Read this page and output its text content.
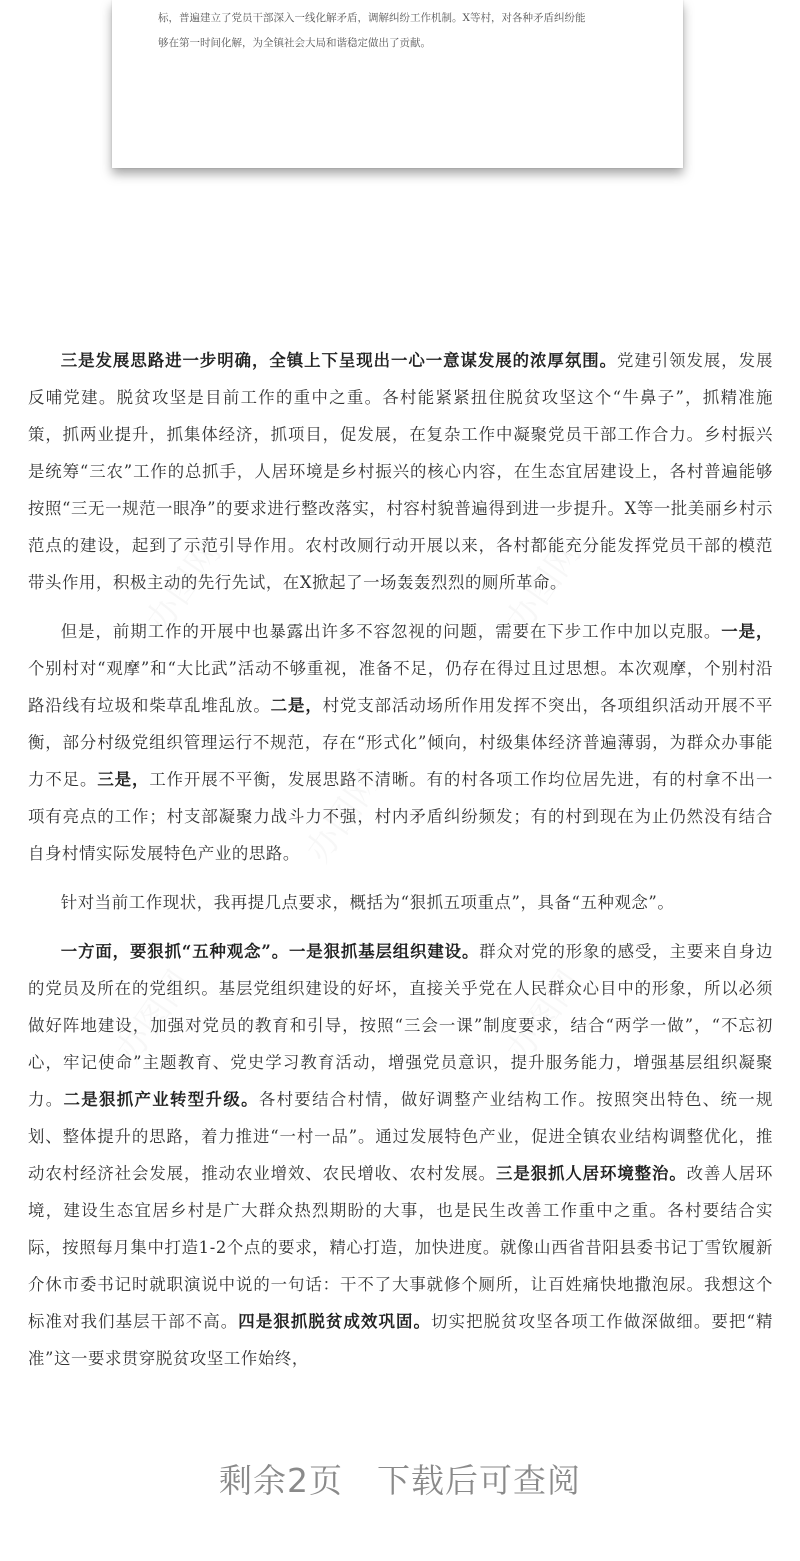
标，普遍建立了党员干部深入一线化解矛盾，调解纠纷工作机制。X等村，对各种矛盾纠纷能
够在第一时间化解，为全镇社会大局和谐稳定做出了贡献。
办图网	办图网
办图网
办图网	办图网

三是发展思路进一步明确，全镇上下呈现出一心一意谋发展的浓厚氛围。党建引领发展，发展反哺党建。脱贫攻坚是目前工作的重中之重。各村能紧紧扭住脱贫攻坚这个“牛鼻子”，抓精准施策，抓两业提升，抓集体经济，抓项目，促发展，在复杂工作中凝聚党员干部工作合力。乡村振兴是统筹“三农”工作的总抓手，人居环境是乡村振兴的核心内容，在生态宜居建设上，各村普遍能够按照“三无一规范一眼净”的要求进行整改落实，村容村貌普遍得到进一步提升。X等一批美丽乡村示范点的建设，起到了示范引导作用。农村改厕行动开展以来，各村都能充分能发挥党员干部的模范带头作用，积极主动的先行先试，在X掀起了一场轰轰烈烈的厕所革命。

但是，前期工作的开展中也暴露出许多不容忽视的问题，需要在下步工作中加以克服。一是，个别村对“观摩”和“大比武”活动不够重视，准备不足，仍存在得过且过思想。本次观摩，个别村沿路沿线有垃圾和柴草乱堆乱放。二是，村党支部活动场所作用发挥不突出，各项组织活动开展不平衡，部分村级党组织管理运行不规范，存在“形式化”倾向，村级集体经济普遍薄弱，为群众办事能力不足。三是，工作开展不平衡，发展思路不清晰。有的村各项工作均位居先进，有的村拿不出一项有亮点的工作；村支部凝聚力战斗力不强，村内矛盾纠纷频发；有的村到现在为止仍然没有结合自身村情实际发展特色产业的思路。

针对当前工作现状，我再提几点要求，概括为“狠抓五项重点”，具备“五种观念”。

一方面，要狠抓“五种观念”。一是狠抓基层组织建设。群众对党的形象的感受，主要来自身边的党员及所在的党组织。基层党组织建设的好坏，直接关乎党在人民群众心目中的形象，所以必须做好阵地建设，加强对党员的教育和引导，按照“三会一课”制度要求，结合“两学一做”，“不忘初心，牢记使命”主题教育、党史学习教育活动，增强党员意识，提升服务能力，增强基层组织凝聚力。二是狠抓产业转型升级。各村要结合村情，做好调整产业结构工作。按照突出特色、统一规划、整体提升的思路，着力推进“一村一品”。通过发展特色产业，促进全镇农业结构调整优化，推动农村经济社会发展，推动农业增效、农民增收、农村发展。三是狠抓人居环境整治。改善人居环境，建设生态宜居乡村是广大群众热烈期盼的大事，也是民生改善工作重中之重。各村要结合实际，按照每月集中打造1-2个点的要求，精心打造，加快进度。就像山西省昔阳县委书记丁雪钦履新介休市委书记时就职演说中说的一句话：干不了大事就修个厕所，让百姓痛快地撒泡尿。我想这个标准对我们基层干部不高。四是狠抓脱贫成效巩固。切实把脱贫攻坚各项工作做深做细。要把“精准”这一要求贯穿脱贫攻坚工作始终，

剩余2页 下载后可查阅
